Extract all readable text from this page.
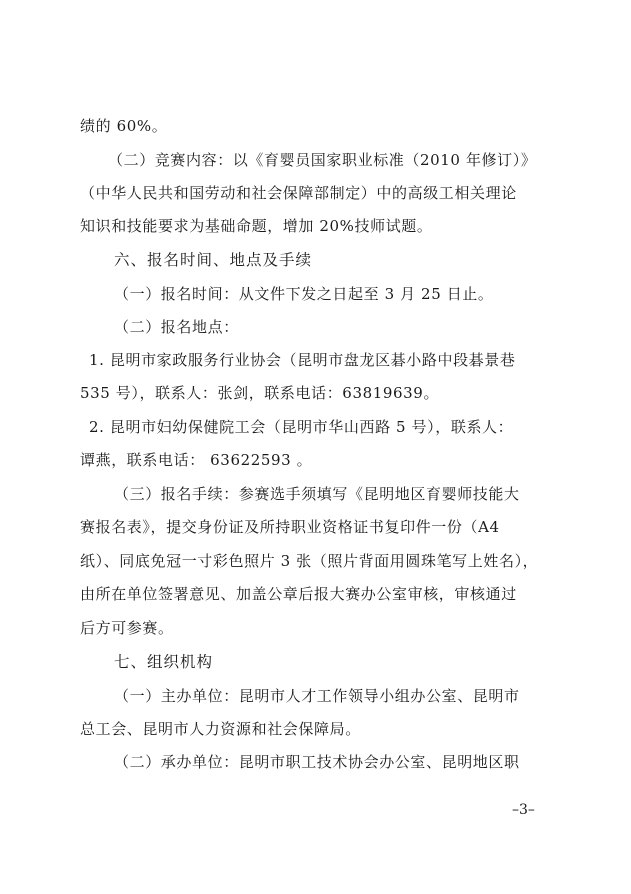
绩的 60%。
（二）竞赛内容：以《育婴员国家职业标准（2010 年修订）》
（中华人民共和国劳动和社会保障部制定）中的高级工相关理论
知识和技能要求为基础命题，增加 20%技师试题。
六、报名时间、地点及手续
（一）报名时间：从文件下发之日起至 3 月 25 日止。
（二）报名地点：
1. 昆明市家政服务行业协会（昆明市盘龙区碁小路中段碁景巷
535 号），联系人：张剑，联系电话：63819639。
2. 昆明市妇幼保健院工会（昆明市华山西路 5 号），联系人：
谭燕，联系电话： 63622593 。
（三）报名手续：参赛选手须填写《昆明地区育婴师技能大
赛报名表》，提交身份证及所持职业资格证书复印件一份（A4
纸）、同底免冠一寸彩色照片 3 张（照片背面用圆珠笔写上姓名），
由所在单位签署意见、加盖公章后报大赛办公室审核，审核通过
后方可参赛。
七、组织机构
（一）主办单位：昆明市人才工作领导小组办公室、昆明市
总工会、昆明市人力资源和社会保障局。
（二）承办单位：昆明市职工技术协会办公室、昆明地区职
–3–
